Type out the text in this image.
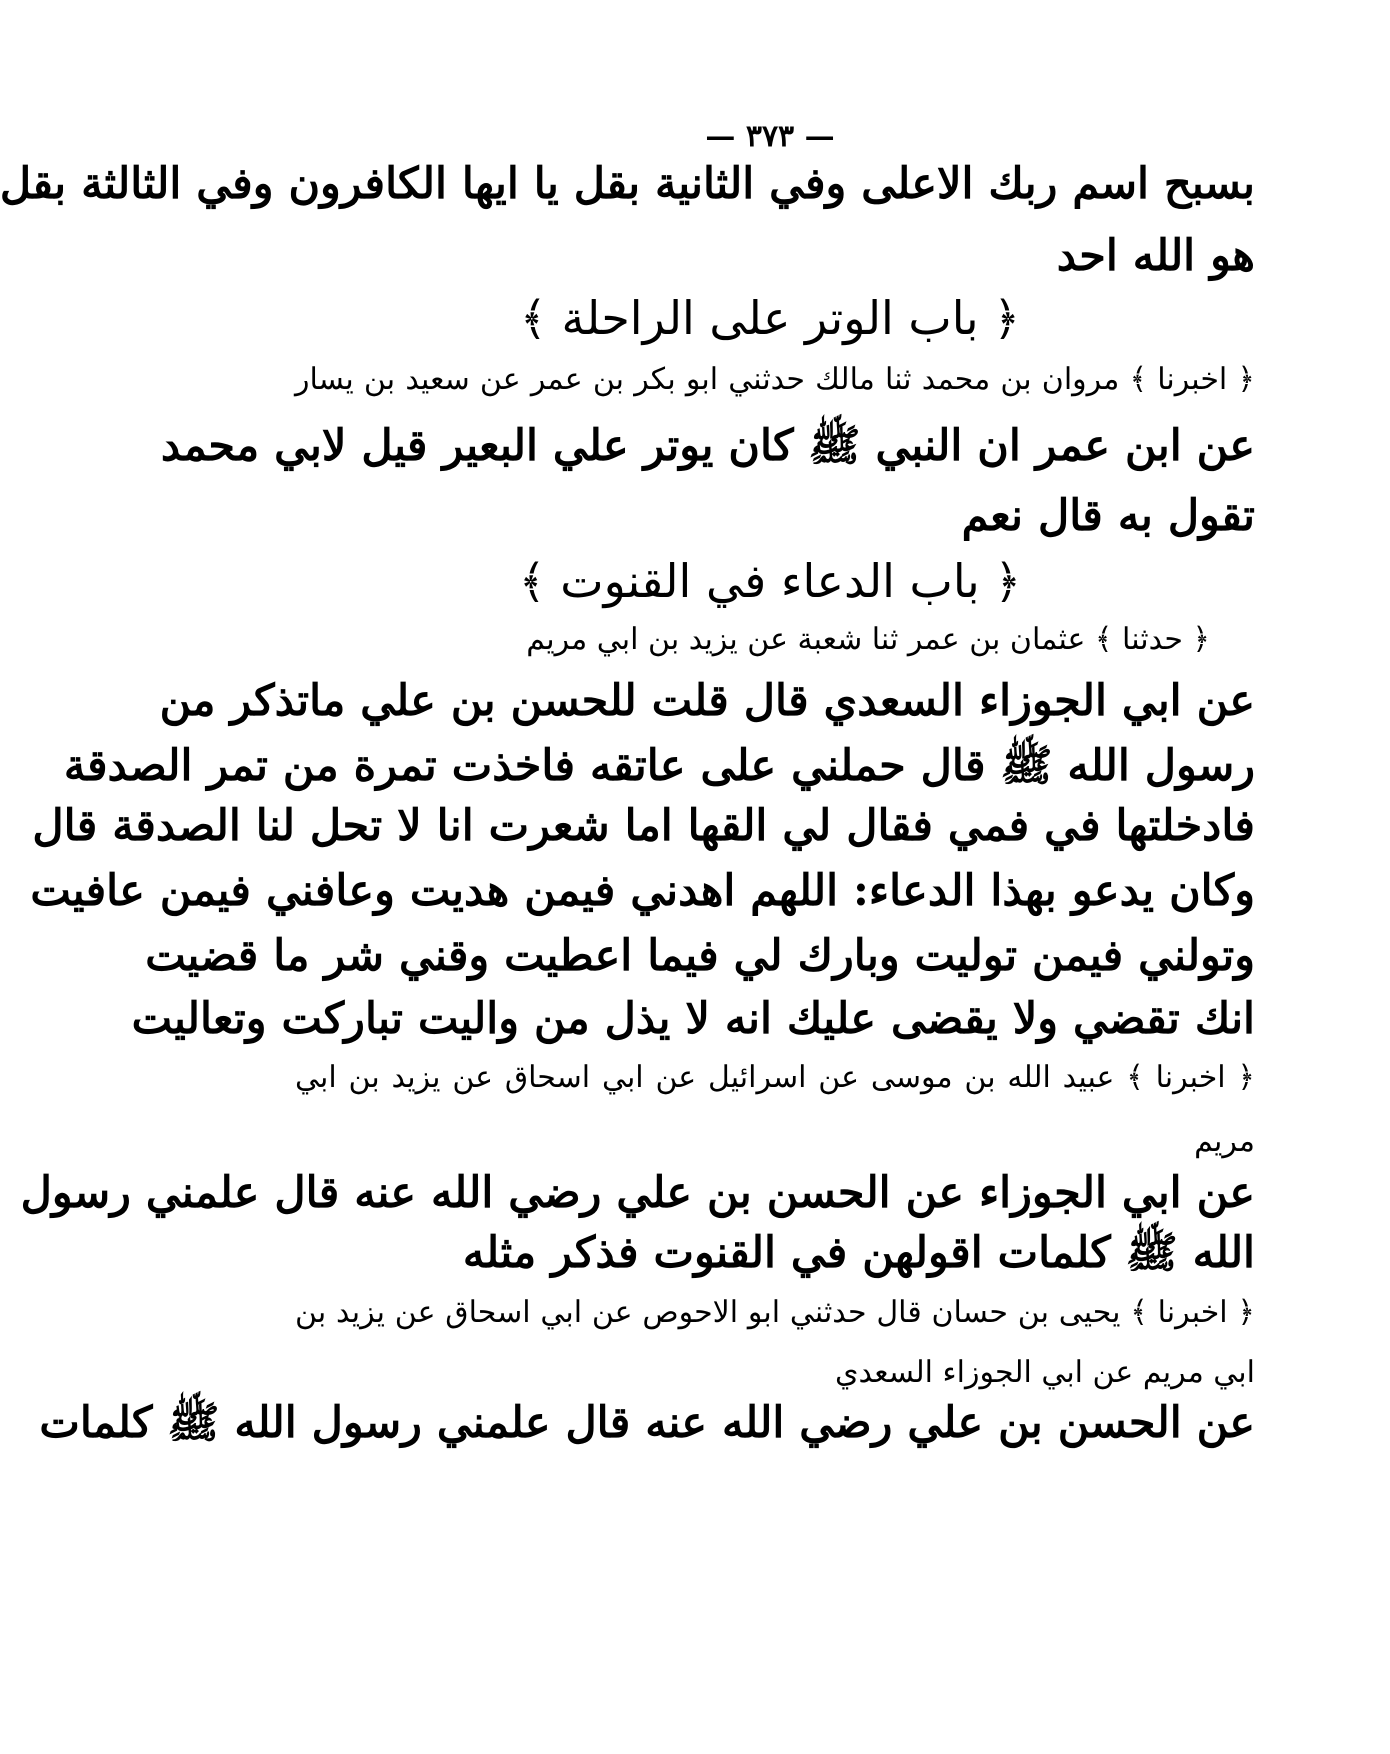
— ٣٧٣ —
بسبح اسم ربك الاعلى وفي الثانية بقل يا ايها الكافرون وفي الثالثة بقل
هو الله احد
﴿ باب الوتر على الراحلة ﴾
﴿ اخبرنا ﴾ مروان بن محمد ثنا مالك حدثني ابو بكر بن عمر عن سعيد بن يسار
عن ابن عمر ان النبي ﷺ كان يوتر علي البعير قيل لابي محمد
تقول به قال نعم
﴿ باب الدعاء في القنوت ﴾
﴿ حدثنا ﴾ عثمان بن عمر ثنا شعبة عن يزيد بن ابي مريم
عن ابي الجوزاء السعدي قال قلت للحسن بن علي ماتذكر من
رسول الله ﷺ قال حملني على عاتقه فاخذت تمرة من تمر الصدقة
فادخلتها في فمي فقال لي القها اما شعرت انا لا تحل لنا الصدقة قال
وكان يدعو بهذا الدعاء: اللهم اهدني فيمن هديت وعافني فيمن عافيت
وتولني فيمن توليت وبارك لي فيما اعطيت وقني شر ما قضيت
انك تقضي ولا يقضى عليك انه لا يذل من واليت تباركت وتعاليت
﴿ اخبرنا ﴾ عبيد الله بن موسى عن اسرائيل عن ابي اسحاق عن يزيد بن ابي
مريم
عن ابي الجوزاء عن الحسن بن علي رضي الله عنه قال علمني رسول
الله ﷺ كلمات اقولهن في القنوت فذكر مثله
﴿ اخبرنا ﴾ يحيى بن حسان قال حدثني ابو الاحوص عن ابي اسحاق عن يزيد بن
ابي مريم عن ابي الجوزاء السعدي
عن الحسن بن علي رضي الله عنه قال علمني رسول الله ﷺ كلمات
